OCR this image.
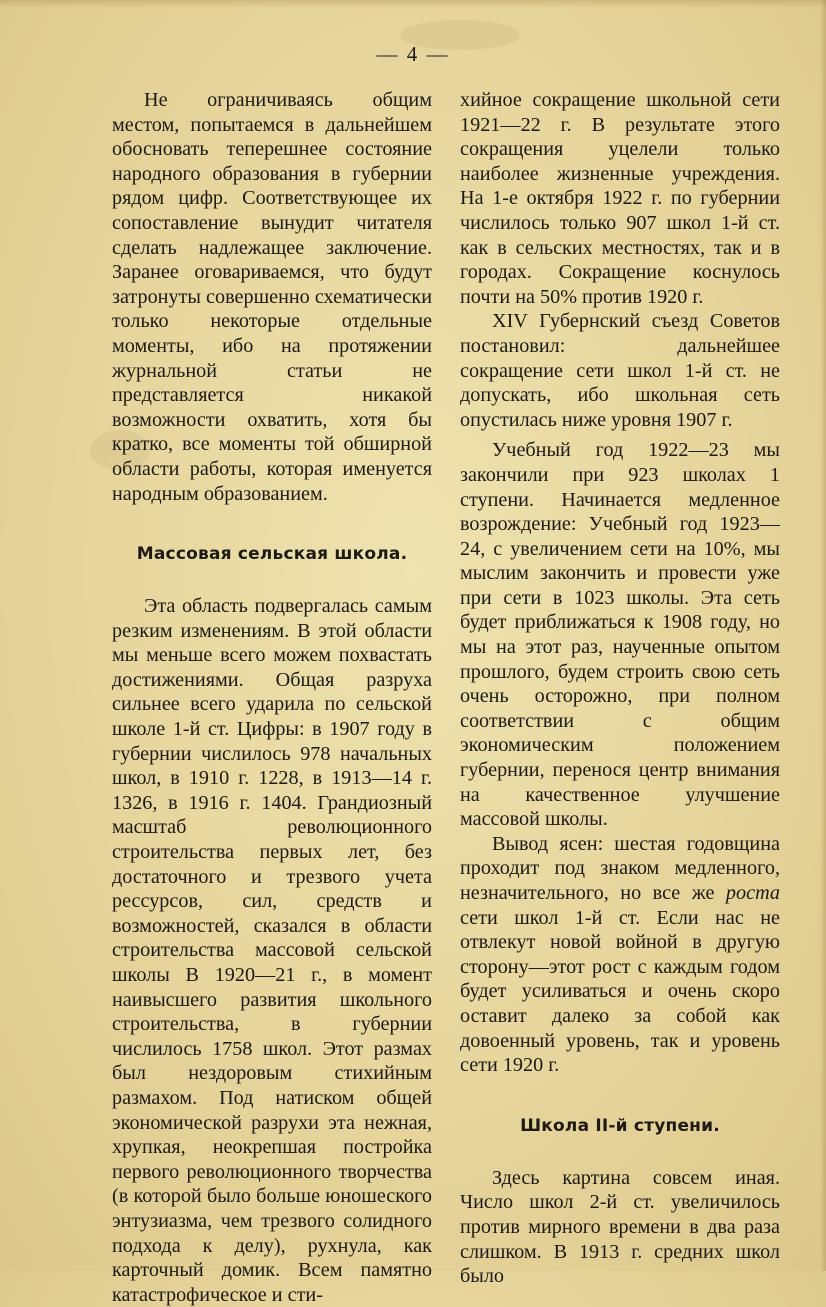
— 4 —

Не ограничиваясь общим местом, попытаемся в дальнейшем обосновать теперешнее состояние народного образования в губернии рядом цифр. Соответствующее их сопоставление вынудит читателя сделать надлежащее заключение. Заранее оговариваемся, что будут затронуты совершенно схематически только некоторые отдельные моменты, ибо на протяжении журнальной статьи не представляется никакой возможности охватить, хотя бы кратко, все моменты той обширной области работы, которая именуется народным образованием.

Массовая сельская школа.

Эта область подвергалась самым резким изменениям. В этой области мы меньше всего можем похвастать достижениями. Общая разруха сильнее всего ударила по сельской школе 1-й ст. Цифры: в 1907 году в губернии числилось 978 начальных школ, в 1910 г. 1228, в 1913—14 г. 1326, в 1916 г. 1404. Грандиозный масштаб революционного строительства первых лет, без достаточного и трезвого учета рессурсов, сил, средств и возможностей, сказался в области строительства массовой сельской школы В 1920—21 г., в момент наивысшего развития школьного строительства, в губернии числилось 1758 школ. Этот размах был нездоровым стихийным размахом. Под натиском общей экономической разрухи эта нежная, хрупкая, неокрепшая постройка первого революционного творчества (в которой было больше юношеского энтузиазма, чем трезвого солидного подхода к делу), рухнула, как карточный домик. Всем памятно катастрофическое и сти-

хийное сокращение школьной сети 1921—22 г. В результате этого сокращения уцелели только наиболее жизненные учреждения. На 1-е октября 1922 г. по губернии числилось только 907 школ 1-й ст. как в сельских местностях, так и в городах. Сокращение коснулось почти на 50% против 1920 г.

XIV Губернский съезд Советов постановил: дальнейшее сокращение сети школ 1-й ст. не допускать, ибо школьная сеть опустилась ниже уровня 1907 г.

Учебный год 1922—23 мы закончили при 923 школах 1 ступени. Начинается медленное возрождение: Учебный год 1923—24, с увеличением сети на 10%, мы мыслим закончить и провести уже при сети в 1023 школы. Эта сеть будет приближаться к 1908 году, но мы на этот раз, наученные опытом прошлого, будем строить свою сеть очень осторожно, при полном соответствии с общим экономическим положением губернии, перенося центр внимания на качественное улучшение массовой школы.

Вывод ясен: шестая годовщина проходит под знаком медленного, незначительного, но все же роста сети школ 1-й ст. Если нас не отвлекут новой войной в другую сторону—этот рост с каждым годом будет усиливаться и очень скоро оставит далеко за собой как довоенный уровень, так и уровень сети 1920 г.

Школа II-й ступени.

Здесь картина совсем иная. Число школ 2-й ст. увеличилось против мирного времени в два раза слишком. В 1913 г. средних школ было
